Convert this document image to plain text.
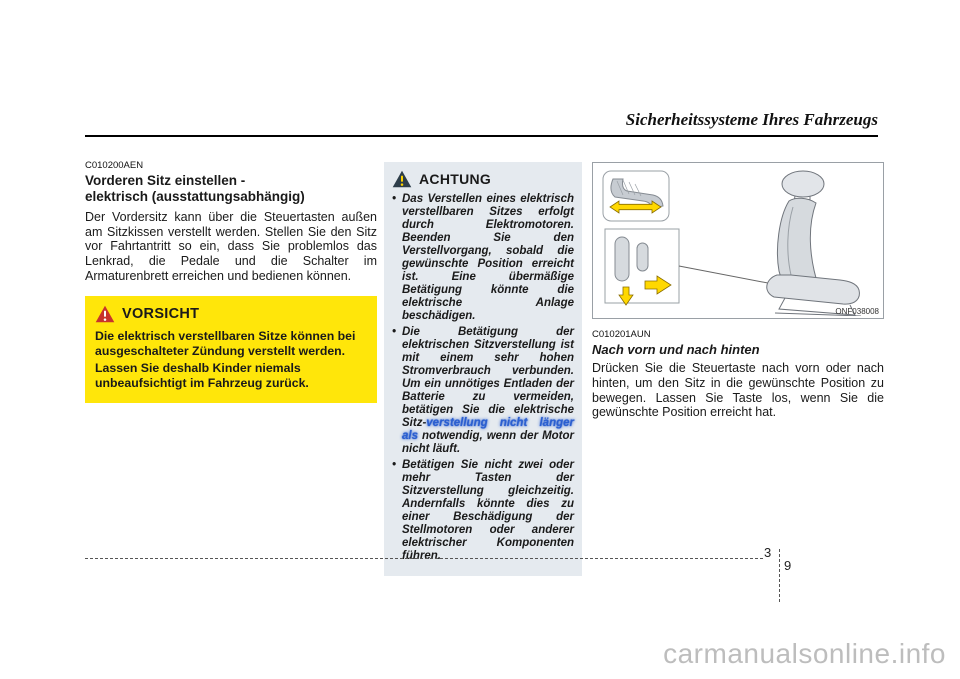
Sicherheitssysteme Ihres Fahrzeugs
C010200AEN
Vorderen Sitz einstellen -
elektrisch (ausstattungsabhängig)
Der Vordersitz kann über die Steuertasten außen am Sitzkissen verstellt werden. Stellen Sie den Sitz vor Fahrtantritt so ein, dass Sie problemlos das Lenkrad, die Pedale und die Schalter im Armaturenbrett erreichen und bedienen können.
VORSICHT

Die elektrisch verstellbaren Sitze können bei ausgeschalteter Zündung verstellt werden.

Lassen Sie deshalb Kinder niemals unbeaufsichtigt im Fahrzeug zurück.

ACHTUNG
• Das Verstellen eines elektrisch verstellbaren Sitzes erfolgt durch Elektromotoren. Beenden Sie den Verstellvorgang, sobald die gewünschte Position erreicht ist. Eine übermäßige Betätigung könnte die elektrische Anlage beschädigen.
• Die Betätigung der elektrischen Sitzverstellung ist mit einem sehr hohen Stromverbrauch verbunden. Um ein unnötiges Entladen der Batterie zu vermeiden, betätigen Sie die elektrische Sitz-verstellung nicht länger als notwendig, wenn der Motor nicht läuft.
• Betätigen Sie nicht zwei oder mehr Tasten der Sitzverstellung gleichzeitig. Andernfalls könnte dies zu einer Beschädigung der Stellmotoren oder anderer elektrischer Komponenten führen.
ONF038008
C010201AUN
Nach vorn und nach hinten
Drücken Sie die Steuertaste nach vorn oder nach hinten, um den Sitz in die gewünschte Position zu bewegen. Lassen Sie Taste los, wenn Sie die gewünschte Position erreicht hat.
3
9
carmanualsonline.info
